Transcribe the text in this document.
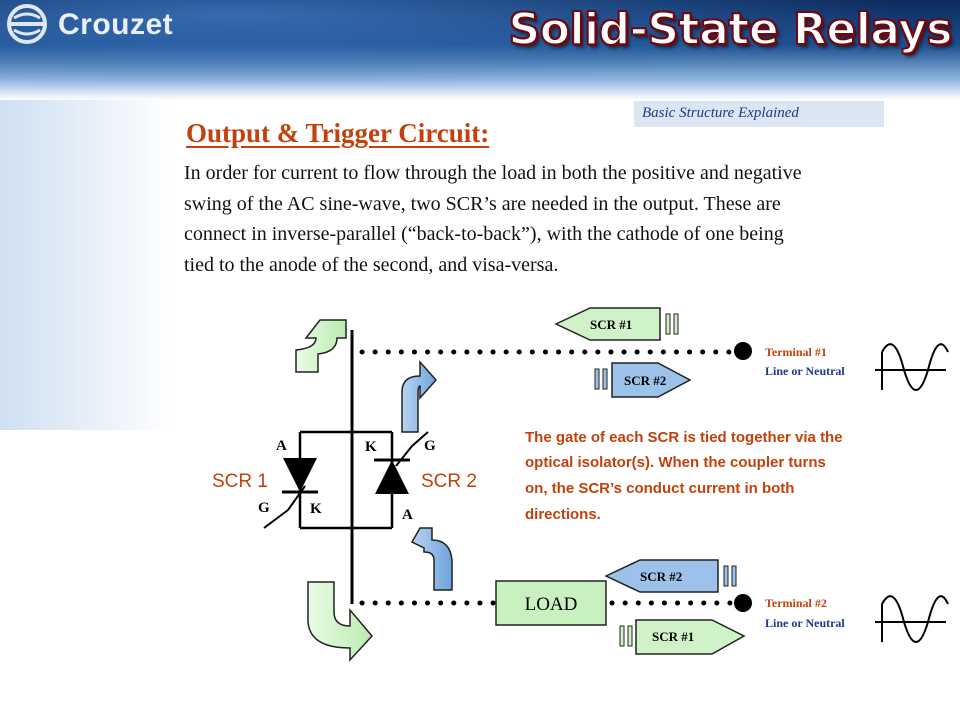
Crouzet	Solid-State Relays
Basic Structure Explained
Output & Trigger Circuit:
In order for current to flow through the load in both the positive and negative
swing of the AC sine-wave, two SCR’s are needed in the output. These are
connect in inverse-parallel (“back-to-back”), with the cathode of one being
tied to the anode of the second, and visa-versa.
SCR 1	SCR 2
A
G	K
K	G
A
LOAD
SCR #1
SCR #2
SCR #2
SCR #1
Terminal #1
Line or Neutral
Terminal #2
Line or Neutral
The gate of each SCR is tied together via the
optical isolator(s). When the coupler turns
on, the SCR’s conduct current in both
directions.
